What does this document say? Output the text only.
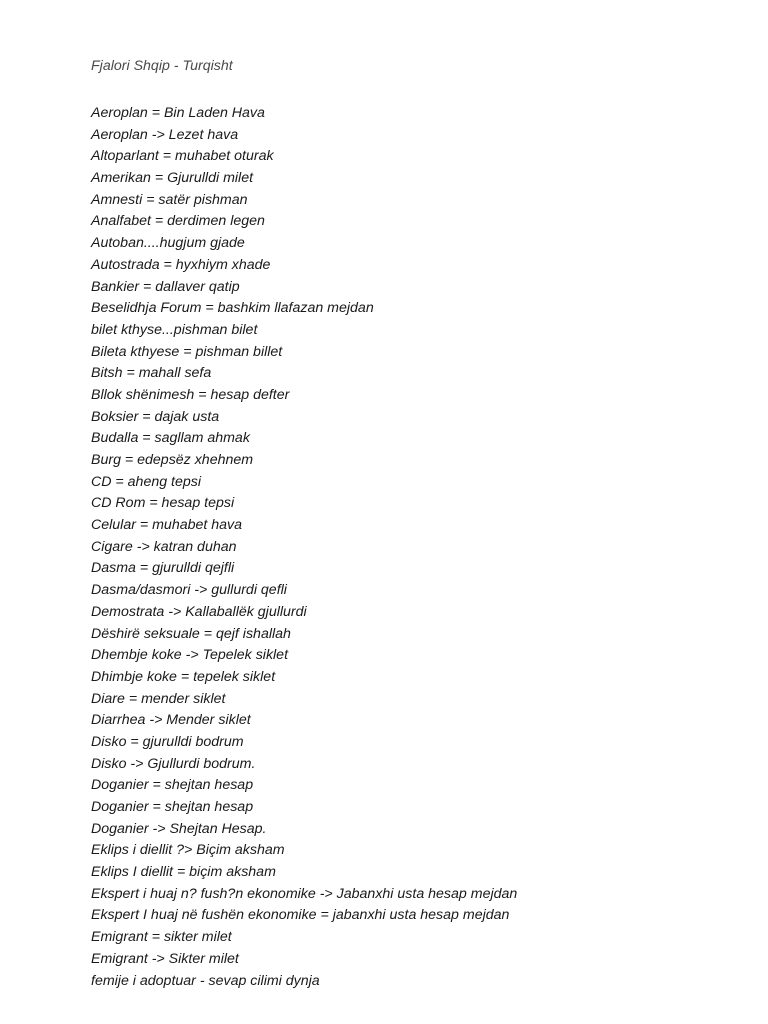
Fjalori Shqip - Turqisht
Aeroplan = Bin Laden Hava
Aeroplan -> Lezet hava
Altoparlant = muhabet oturak
Amerikan = Gjurulldi milet
Amnesti = satër pishman
Analfabet = derdimen legen
Autoban....hugjum gjade
Autostrada = hyxhiym xhade
Bankier = dallaver qatip
Beselidhja Forum = bashkim llafazan mejdan
bilet kthyse...pishman bilet
Bileta kthyese = pishman billet
Bitsh = mahall sefa
Bllok shënimesh = hesap defter
Boksier = dajak usta
Budalla = sagllam ahmak
Burg = edepsëz xhehnem
CD = aheng tepsi
CD Rom = hesap tepsi
Celular = muhabet hava
Cigare -> katran duhan
Dasma = gjurulldi qejfli
Dasma/dasmori -> gullurdi qefli
Demostrata -> Kallaballëk gjullurdi
Dëshirë seksuale = qejf ishallah
Dhembje koke -> Tepelek siklet
Dhimbje koke = tepelek siklet
Diare = mender siklet
Diarrhea -> Mender siklet
Disko = gjurulldi bodrum
Disko -> Gjullurdi bodrum.
Doganier = shejtan hesap
Doganier = shejtan hesap
Doganier -> Shejtan Hesap.
Eklips i diellit ?> Biçim aksham
Eklips I diellit = biçim aksham
Ekspert i huaj n? fush?n ekonomike -> Jabanxhi usta hesap mejdan
Ekspert I huaj në fushën ekonomike = jabanxhi usta hesap mejdan
Emigrant = sikter milet
Emigrant -> Sikter milet
femije i adoptuar - sevap cilimi dynja
